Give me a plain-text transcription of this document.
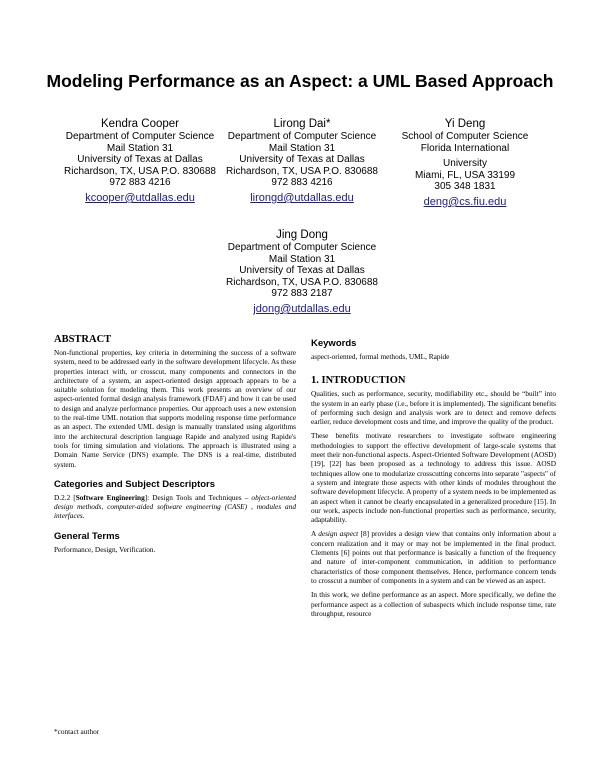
Modeling Performance as an Aspect: a UML Based Approach
Kendra Cooper
Department of Computer Science
Mail Station 31
University of Texas at Dallas
Richardson, TX, USA P.O. 830688
972 883 4216
kcooper@utdallas.edu
Lirong Dai*
Department of Computer Science
Mail Station 31
University of Texas at Dallas
Richardson, TX, USA P.O. 830688
972 883 4216
lirongd@utdallas.edu
Yi Deng
School of Computer Science
Florida International
University
Miami, FL, USA 33199
305 348 1831
deng@cs.fiu.edu
Jing Dong
Department of Computer Science
Mail Station 31
University of Texas at Dallas
Richardson, TX, USA P.O. 830688
972 883 2187
jdong@utdallas.edu
ABSTRACT

Non-functional properties, key criteria in determining the success of a software system, need to be addressed early in the software development lifecycle. As these properties interact with, or crosscut, many components and connectors in the architecture of a system, an aspect-oriented design approach appears to be a suitable solution for modeling them. This work presents an overview of our aspect-oriented formal design analysis framework (FDAF) and how it can be used to design and analyze performance properties. Our approach uses a new extension to the real-time UML notation that supports modeling response time performance as an aspect. The extended UML design is manually translated using algorithms into the architectural description language Rapide and analyzed using Rapide's tools for timing simulation and violations. The approach is illustrated using a Domain Name Service (DNS) example. The DNS is a real-time, distributed system.

Categories and Subject Descriptors

D.2.2 [Software Engineering]: Design Tools and Techniques – object-oriented design methods, computer-aided software engineering (CASE) , modules and interfaces.

General Terms

Performance, Design, Verification.

Keywords

aspect-oriented, formal methods, UML, Rapide

1. INTRODUCTION

Qualities, such as performance, security, modifiability etc., should be “built” into the system in an early phase (i.e., before it is implemented). The significant benefits of performing such design and analysis work are to detect and remove defects earlier, reduce development costs and time, and improve the quality of the product.

These benefits motivate researchers to investigate software engineering methodologies to support the effective development of large-scale systems that meet their non-functional aspects. Aspect-Oriented Software Development (AOSD) [19], [22] has been proposed as a technology to address this issue. AOSD techniques allow one to modularize crosscutting concerns into separate "aspects" of a system and integrate those aspects with other kinds of modules throughout the software development lifecycle. A property of a system needs to be implemented as an aspect when it cannot be clearly encapsulated in a generalized procedure [15]. In our work, aspects include non-functional properties such as performance, security, adaptability.

A design aspect [8] provides a design view that contains only information about a concern realization and it may or may not be implemented in the final product. Clements [6] points out that performance is basically a function of the frequency and nature of inter-component communication, in addition to performance characteristics of those component themselves. Hence, performance concern tends to crosscut a number of components in a system and can be viewed as an aspect.

In this work, we define performance as an aspect. More specifically, we define the performance aspect as a collection of subaspects which include response time, rate throughput, resource

*contact author
